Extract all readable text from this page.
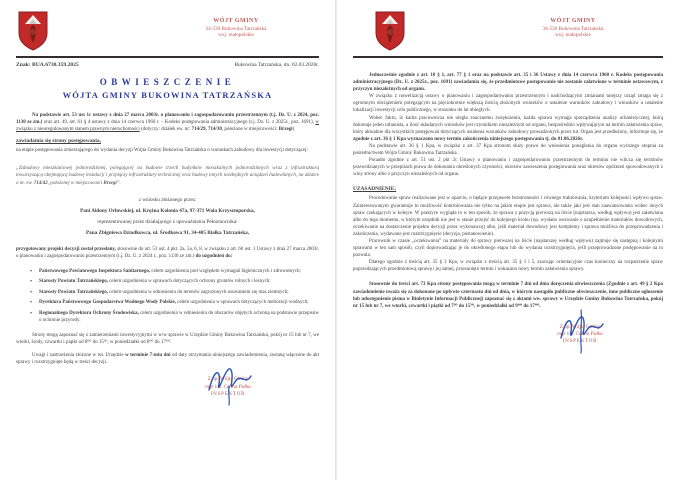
WÓJT GMINY
34-530 Bukowina Tatrzańska
woj. małopolskie
Znak: BUA.6730.359.2025	Bukowina Tatrzańska, dn. 02.03.2026r.
OBWIESZCZENIE
WÓJTA GMINY BUKOWINA TATRZAŃSKA

Na podstawie art. 53 ust 1c ustawy z dnia 27 marca 2003r. o planowaniu i zagospodarowaniu przestrzennym (t.j. Dz. U. z 2024, poz. 1130 ze zm.) oraz art. 49, art. 61 § 4 ustawy z dnia 14 czerwca 1960 r. – Kodeks postępowania administracyjnego (t.j. Dz. U. z 2025r., poz. 1691), w związku z nieuregulowanym stanem prawnym nieruchomości (dotyczy: działek ew. nr: 714/29, 714/30, położone w miejscowości: Brzegi)

zawiadamia się strony postępowania,

na etapie postępowania zmierzającego do wydania decyzji Wójta Gminy Bukowina Tatrzańska o warunkach zabudowy dla inwestycji dotyczącej:

„Zabudowy mieszkaniowej jednorodzinnej, polegającej na budowie trzech budynków mieszkalnych jednorodzinnych wraz z infrastrukturą towarzyszącą obejmującą budowę instalacji i przyłączy infrastruktury technicznej oraz budowy innych niezbędnych urządzeń budowlanych, na działce o nr. ew. 714/42, położonej w miejscowości Brzegi”.

z wniosku złożonego przez:
Pani Aldony Orłowskiej, ul. Krężna Kolonia 47a, 97-371 Wola Krzysztoporska,
reprezentowanej przez działającego z upoważnienia Pełnomocnika:
Pana Zbigniewa Dziadkowca, ul. Środkowa 91, 34-405 Białka Tatrzańska,

przygotowany projekt decyzji został przesłany, stosownie do art. 53 ust. 4 pkt. 2a, 5a, 6, 8, w związku z art. 60 ust. 1 Ustawy z dnia 27 marca 2003r. o planowaniu i zagospodarowaniu przestrzennym (t.j. Dz. U. z 2024 r., poz. 1130 ze zm.) do uzgodnień do:

• Państwowego Powiatowego Inspektora Sanitarnego, celem uzgodnienia pod względem wymagań higienicznych i zdrowotnych;
• Starosty Powiatu Tatrzańskiego, celem uzgodnienia w sprawach dotyczących ochrony gruntów rolnych i leśnych;
• Starosty Powiatu Tatrzańskiego, celem uzgodnienia w odniesieniu do terenów zagrożonych osuwaniem się mas ziemnych;
• Dyrektora Państwowego Gospodarstwa Wodnego Wody Polskie, celem uzgodnienia w sprawach dotyczących melioracji wodnych;
• Regionalnego Dyrektora Ochrony Środowiska, celem uzgodnienia w odniesieniu do obszarów objętych ochroną na podstawie przepisów o ochronie przyrody.

Strony mogą zapoznać się z zamierzeniami inwestycyjnymi w w/w sprawie w Urzędzie Gminy Bukowina Tatrzańska, pokój nr 15 lub nr 7, we wtorki, środy, czwartki i piątki od 8⁰⁰ do 15³⁰, w poniedziałki od 8⁰⁰ do 17⁰⁰.

Uwagi i zastrzeżenia złożone w tut. Urzędzie w terminie 7-miu dni od daty otrzymania niniejszego zawiadomienia, zostaną włączone do akt sprawy i rozstrzygnięte będą w treści decyzji.

Z up. Wójta Gminy
mgr inż. Celina Pałka
INSPEKTOR
WÓJT GMINY
34-530 Bukowina Tatrzańska
woj. małopolskie

Jednocześnie zgodnie z art. 10 § 1, art. 77 § 1 oraz na podstawie art. 35 i 36 Ustawy z dnia 14 czerwca 1960 r. Kodeks postępowania administracyjnego (Dz. U. z 2025r., poz. 1691) zawiadamia się, że przedmiotowe postępowanie nie zostanie załatwione w terminie ustawowym, z przyczyn niezależnych od organu.

W związku z nowelizacją ustawy o planowaniu i zagospodarowaniu przestrzennym i nadchodzącymi zmianami tutejszy urząd zmaga się z ogromnym obciążeniem polegającym na pięciokrotnie większą ilością złożonych wniosków o ustalenie warunków zabudowy i wniosków o ustalenie lokalizacji inwestycji celu publicznego, w stosunku do lat ubiegłych.

Wobec faktu, iż kadra pracownicza nie uległa znacznemu zwiększeniu, każda sprawa wymaga sporządzenia analizy urbanistycznej, którą dokonuje jeden urbanista, a ilość składanych wniosków jest czynnikiem niezależnym od organu, bezpośrednio wpływającym na termin załatwienia spraw, który aktualnie dla wszystkich postępowań dotyczących ustalenia warunków zabudowy prowadzonych przez tut. Organ jest przedłużony, informuje się, że zgodnie z art. 36 § 1 Kpa wyznaczono nowy termin zakończenia niniejszego postępowania tj. do 01.06.2026r.

Na podstawie art. 36 § 1 Kpa, w związku z art. 37 Kpa stronom służy prawo do wniesienia ponaglenia do organu wyższego stopnia za pośrednictwem Wójta Gminy Bukowina Tatrzańska.

Ponadto zgodnie z art. 51 ust. 2 pkt 2c Ustawy o planowaniu i zagospodarowaniu przestrzennym do terminu nie wlicza się terminów przewidzianych w przepisach prawa do dokonania określonych czynności, okresów zawieszenia postępowania oraz okresów opóźnień spowodowanych z winy strony albo z przyczyn niezależnych od organu.

UZASADNIENIE:

Procedowanie spraw realizowane jest w oparciu, o będące przejawem bezstronności i równego traktowania, kryterium kolejności wpływu spraw. Zainteresowanym gwarantuje to możliwość kontrolowania nie tylko na jakim etapie jest sprawa, ale także jaki jest stan zaawansowania wobec innych spraw czekających w kolejce. W praktyce wygląda to w ten sposób, że sprawa z pozycją pierwszą na liście (najstarsza, według wpływu) jest załatwiana albo do tego momentu, w którym urzędnik nie jest w stanie przejść do kolejnego kroku (np. wysłano wezwanie o uzupełnienie materiałów dowodowych, oczekiwanie na dostarczenie projektu decyzji przez wykonawcę) albo, jeśli materiał dowodowy jest kompletny i sprawa możliwa do przeprowadzenia i zakończenia, wydawane jest rozstrzygnięcie (decyzja, postanowienie).

Pracownik w czasie „oczekiwania” na materiały do sprawy pierwszej na liście (najstarszej według wpływu) zajmuje się następną i kolejnymi sprawami w ten sam sposób, czyli doprowadzając je do określonego etapu lub do wydania rozstrzygnięcia, jeśli przeprowadzone postępowanie na to pozwala.

Dlatego zgodnie z treścią art. 35 § 3 Kpa, w związku z treścią art. 35 § 1 i 5, szacując orientacyjnie czas konieczny na rozpatrzenie spraw poprzedzających przedmiotową sprawę i jej samej, przesunięto termin i wskazano nowy termin załatwienia sprawy.

Stosownie do treści art. 73 Kpa strony postępowania mogą w terminie 7 dni od dnia doręczenia obwieszczenia (Zgodnie z art. 49 § 2 Kpa zawiadomienie uważa się za dokonane po upływie czternastu dni od dnia, w którym nastąpiło publiczne obwieszczenie, inne publiczne ogłoszenie lub udostępnienie pisma w Biuletynie Informacji Publicznej) zapoznać się z aktami ww. sprawy w Urzędzie Gminy Bukowina Tatrzańska, pokój nr 15 lub nr 7, we wtorki, czwartki i piątki od 7³⁰ do 15³⁰, w poniedziałki od 9⁰⁰ do 17⁰⁰.

Z up. Wójta Gminy
mgr inż. Celina Pałka
INSPEKTOR
